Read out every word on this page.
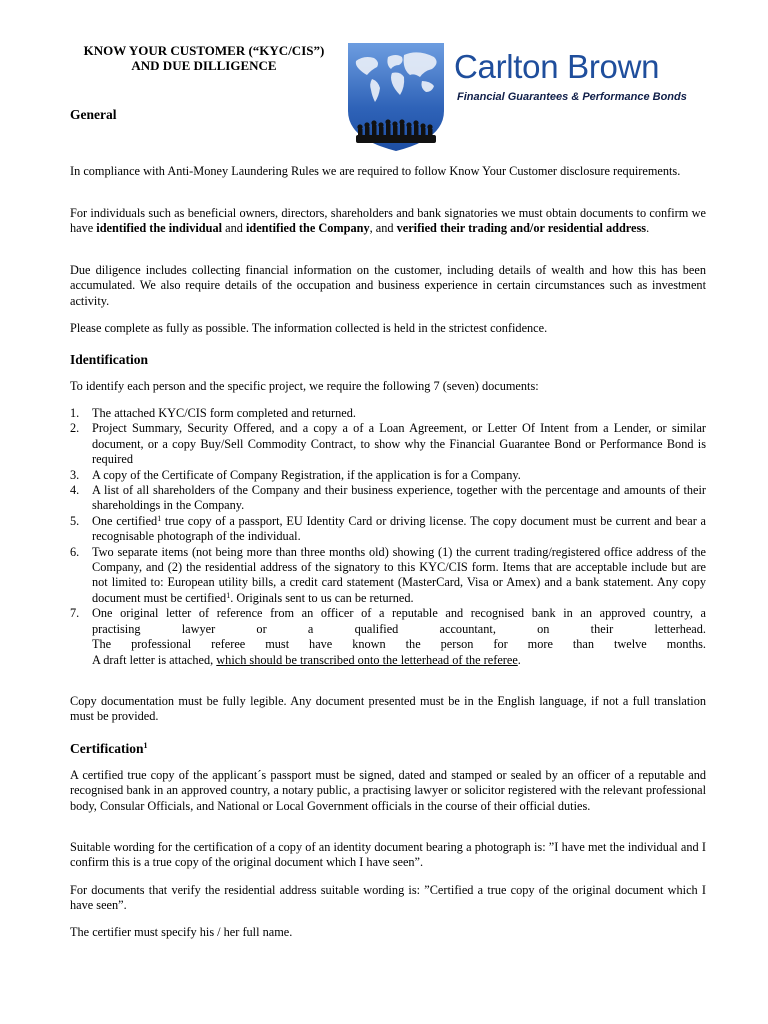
KNOW YOUR CUSTOMER (“KYC/CIS”)
AND DUE DILLIGENCE	Carlton Brown
Financial Guarantees & Performance Bonds
General

In compliance with Anti-Money Laundering Rules we are required to follow Know Your Customer disclosure requirements.

For individuals such as beneficial owners, directors, shareholders and bank signatories we must obtain documents to confirm we have identified the individual and identified the Company, and verified their trading and/or residential address.

Due diligence includes collecting financial information on the customer, including details of wealth and how this has been accumulated. We also require details of the occupation and business experience in certain circumstances such as investment activity.

Please complete as fully as possible. The information collected is held in the strictest confidence.

Identification

To identify each person and the specific project, we require the following 7 (seven) documents:

1. The attached KYC/CIS form completed and returned.
2. Project Summary, Security Offered, and a copy a of a Loan Agreement, or Letter Of Intent from a Lender, or similar document, or a copy Buy/Sell Commodity Contract, to show why the Financial Guarantee Bond or Performance Bond is required
3. A copy of the Certificate of Company Registration, if the application is for a Company.
4. A list of all shareholders of the Company and their business experience, together with the percentage and amounts of their shareholdings in the Company.
5. One certified$^1$ true copy of a passport, EU Identity Card or driving license. The copy document must be current and bear a recognisable photograph of the individual.
6. Two separate items (not being more than three months old) showing (1) the current trading/registered office address of the Company, and (2) the residential address of the signatory to this KYC/CIS form. Items that are acceptable include but are not limited to: European utility bills, a credit card statement (MasterCard, Visa or Amex) and a bank statement. Any copy document must be certified$^1$. Originals sent to us can be returned.
7. One original letter of reference from an officer of a reputable and recognised bank in an approved country, a
practising lawyer or a qualified accountant, on their letterhead.
The professional referee must have known the person for more than twelve months.
A draft letter is attached, which should be transcribed onto the letterhead of the referee.

Copy documentation must be fully legible. Any document presented must be in the English language, if not a full translation must be provided.

Certification$^1$

A certified true copy of the applicant´s passport must be signed, dated and stamped or sealed by an officer of a reputable and recognised bank in an approved country, a notary public, a practising lawyer or solicitor registered with the relevant professional body, Consular Officials, and National or Local Government officials in the course of their official duties.

Suitable wording for the certification of a copy of an identity document bearing a photograph is: ”I have met the individual and I confirm this is a true copy of the original document which I have seen”.

For documents that verify the residential address suitable wording is: ”Certified a true copy of the original document which I have seen”.

The certifier must specify his / her full name.
